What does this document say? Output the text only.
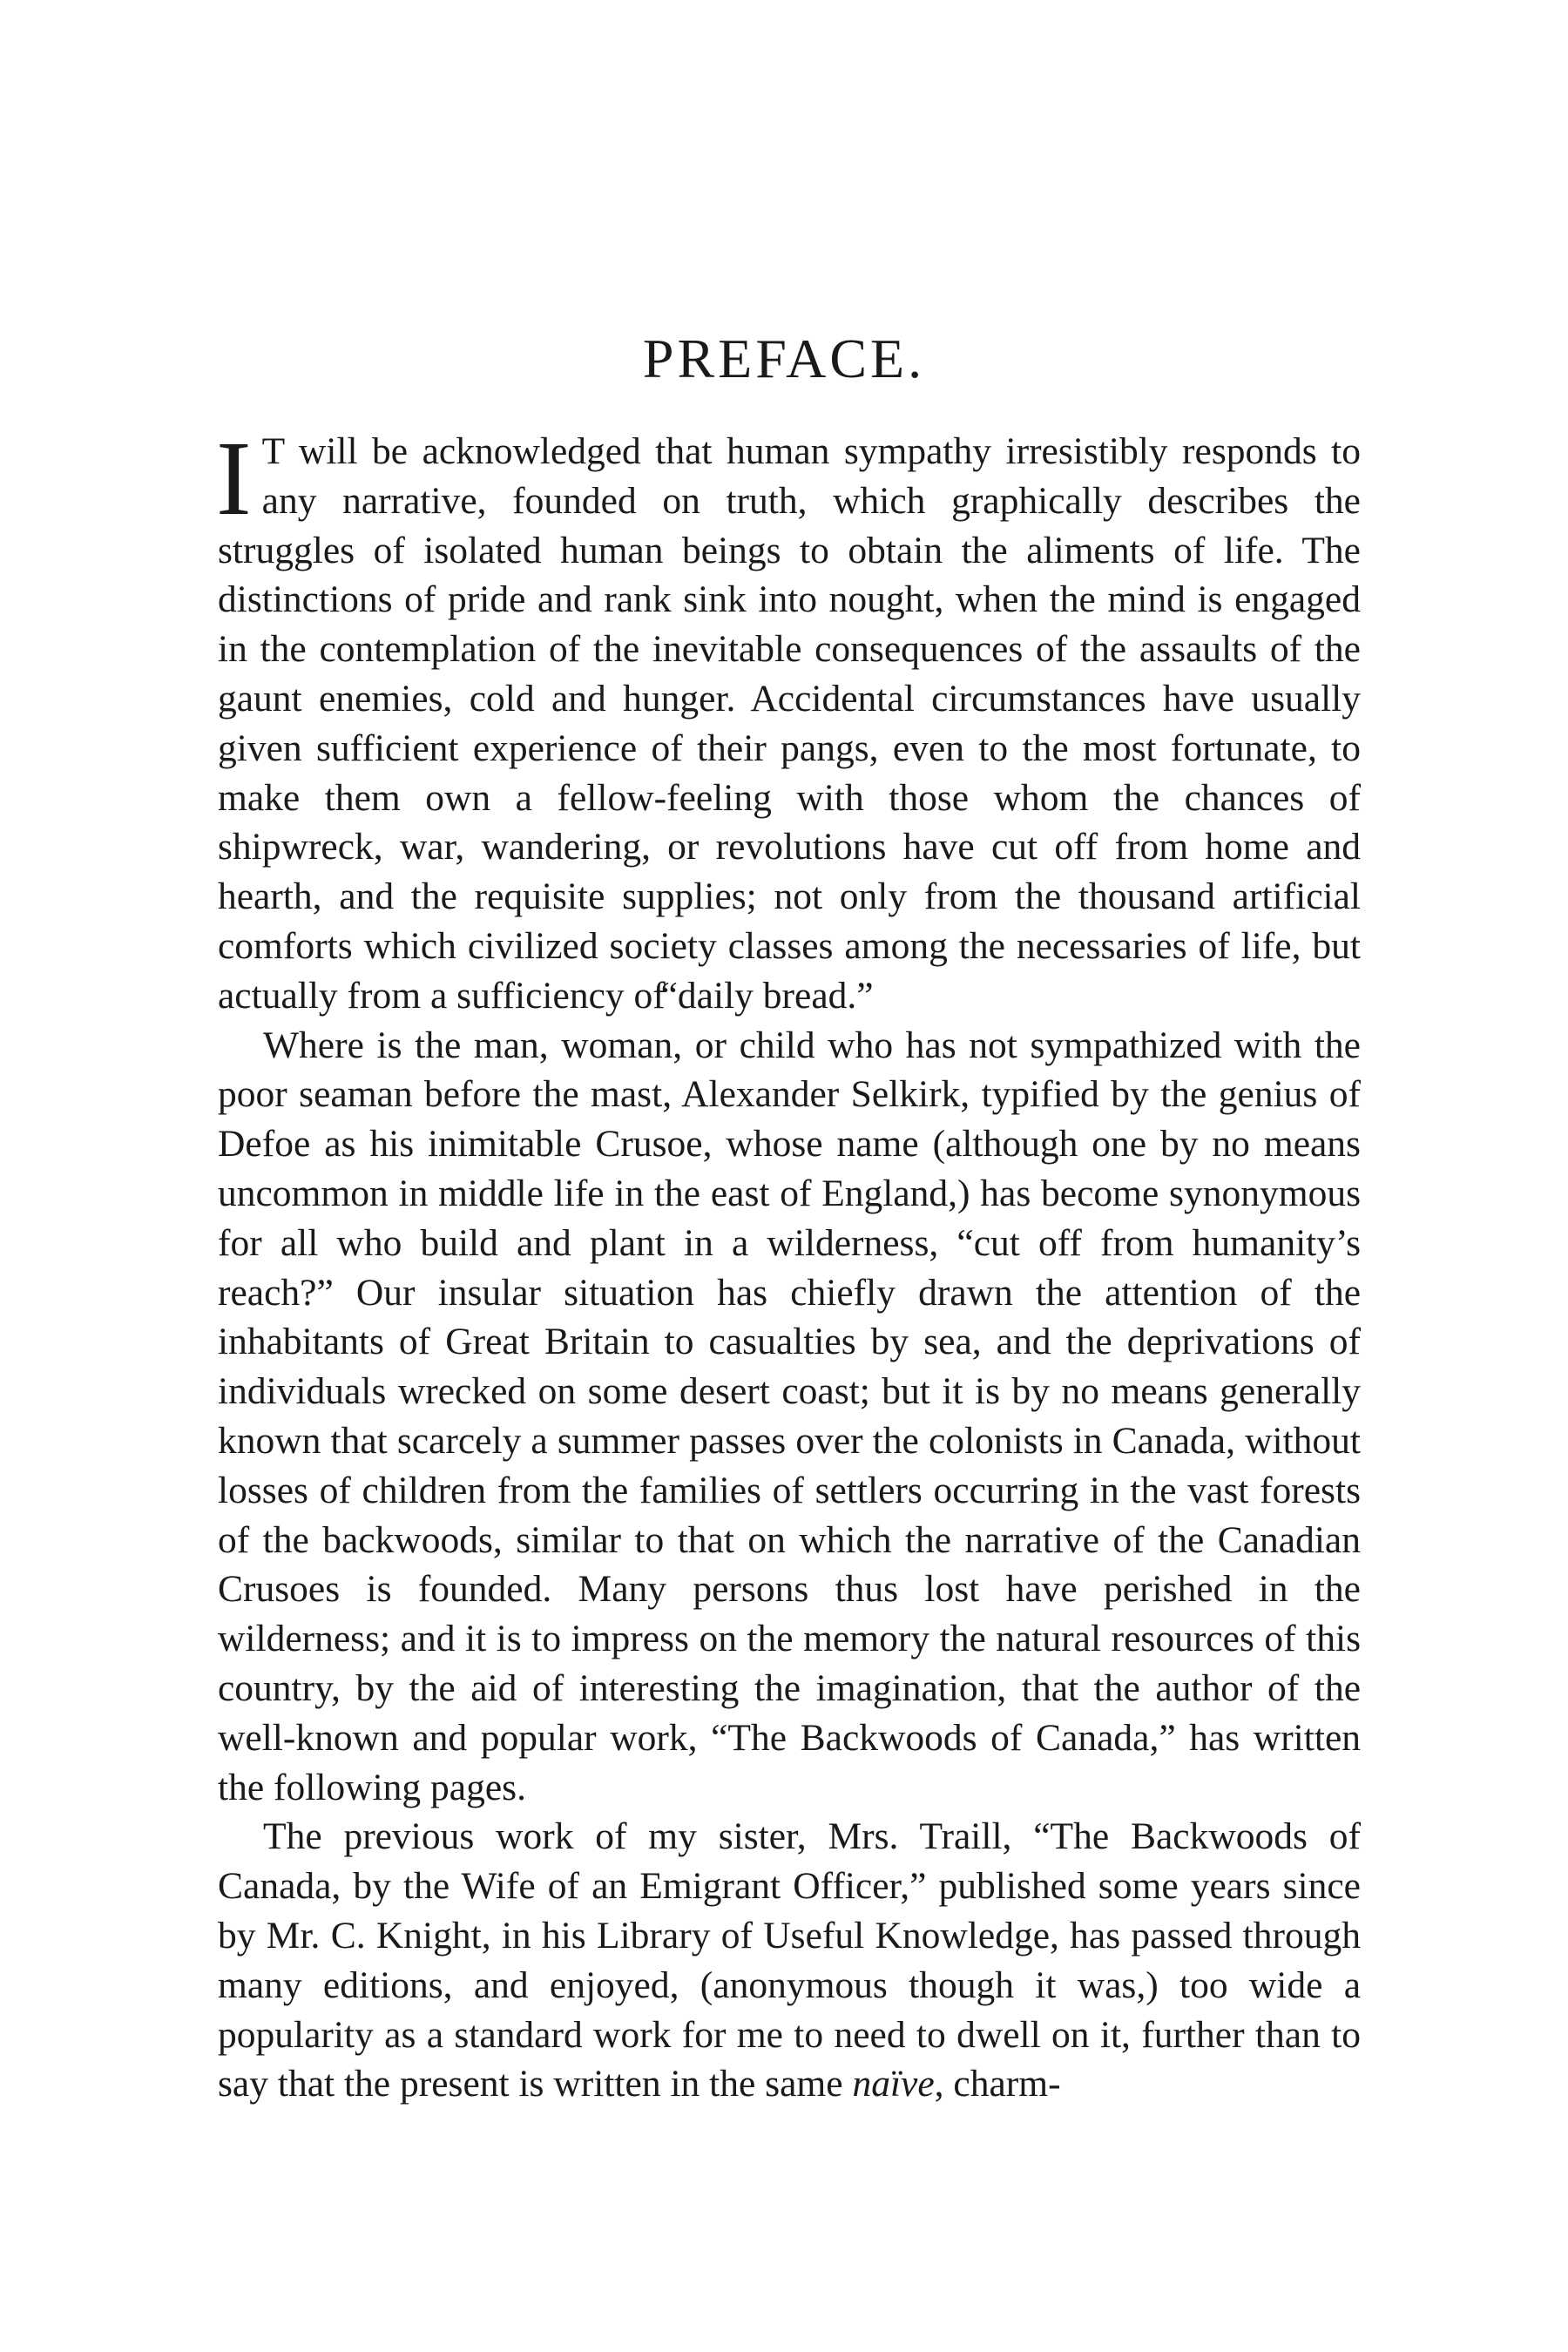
PREFACE.

I T will be acknowledged that human sympathy irresistibly responds to any narrative, founded on truth, which graphically describes the struggles of isolated human beings to obtain the aliments of life. The distinctions of pride and rank sink into nought, when the mind is engaged in the contemplation of the inevitable consequences of the assaults of the gaunt enemies, cold and hunger. Accidental circumstances have usually given sufficient experience of their pangs, even to the most fortunate, to make them own a fellow-feeling with those whom the chances of shipwreck, war, wandering, or revolutions have cut off from home and hearth, and the requisite supplies; not only from the thousand artificial comforts which civilized society classes among the necessaries of life, but actually from a sufficiency of “daily bread.”

Where is the man, woman, or child who has not sympathized with the poor seaman before the mast, Alexander Selkirk, typified by the genius of Defoe as his inimitable Crusoe, whose name (although one by no means uncommon in middle life in the east of England,) has become synonymous for all who build and plant in a wilderness, “cut off from humanity’s reach?” Our insular situation has chiefly drawn the attention of the inhabitants of Great Britain to casualties by sea, and the deprivations of individuals wrecked on some desert coast; but it is by no means generally known that scarcely a summer passes over the colonists in Canada, without losses of children from the families of settlers occurring in the vast forests of the backwoods, similar to that on which the narrative of the Canadian Crusoes is founded. Many persons thus lost have perished in the wilderness; and it is to impress on the memory the natural resources of this country, by the aid of interesting the imagination, that the author of the well-known and popular work, “The Backwoods of Canada,” has written the following pages.

The previous work of my sister, Mrs. Traill, “The Backwoods of Canada, by the Wife of an Emigrant Officer,” published some years since by Mr. C. Knight, in his Library of Useful Knowledge, has passed through many editions, and enjoyed, (anonymous though it was,) too wide a popularity as a standard work for me to need to dwell on it, further than to say that the present is written in the same naïve, charm-
